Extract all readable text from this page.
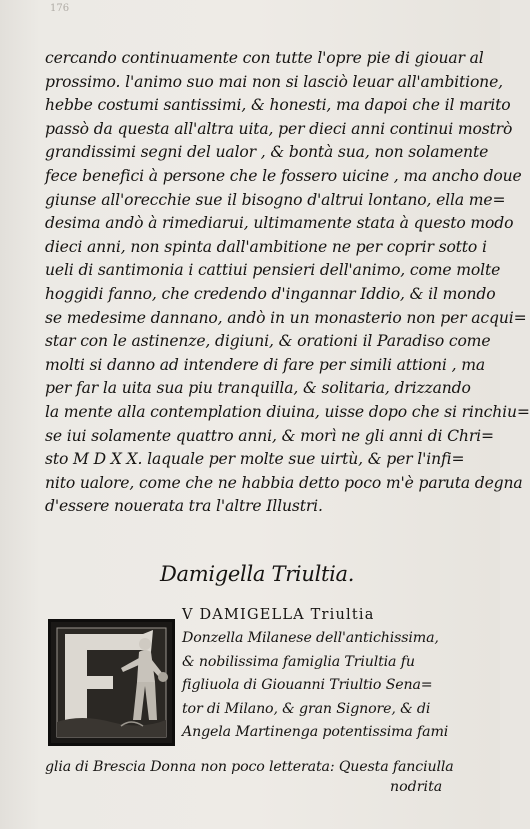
176
cercando continuamente con tutte l'opre pie di giouar al
prossimo. l'animo suo mai non si lasciò leuar all'ambitione,
hebbe costumi santissimi, & honesti, ma dapoi che il marito
passò da questa all'altra uita, per dieci anni continui mostrò
grandissimi segni del ualor , & bontà sua, non solamente
fece benefici à persone che le fossero uicine , ma ancho doue
giunse all'orecchie sue il bisogno d'altrui lontano, ella me=
desima andò à rimediarui, ultimamente stata à questo modo
dieci anni, non spinta dall'ambitione ne per coprir sotto i
ueli di santimonia i cattiui pensieri dell'animo, come molte
hoggidi fanno, che credendo d'ingannar Iddio, & il mondo
se medesime dannano, andò in un monasterio non per acqui=
star con le astinenze, digiuni, & orationi il Paradiso come
molti si danno ad intendere di fare per simili attioni , ma
per far la uita sua piu tranquilla, & solitaria, drizzando
la mente alla contemplation diuina, uisse dopo che si rinchiu=
se iui solamente quattro anni, & morì ne gli anni di Chri=
sto M D X X. laquale per molte sue uirtù, & per l'infi=
nito ualore, come che ne habbia detto poco m'è paruta degna
d'essere nouerata tra l'altre Illustri.
Damigella Triultia.
V DAMIGELLA Triultia
Donzella Milanese dell'antichissima,
& nobilissima famiglia Triultia fu
figliuola di Giouanni Triultio Sena=
tor di Milano, & gran Signore, & di
Angela Martinenga potentissima fami
glia di Brescia Donna non poco letterata: Questa fanciulla
nodrita
